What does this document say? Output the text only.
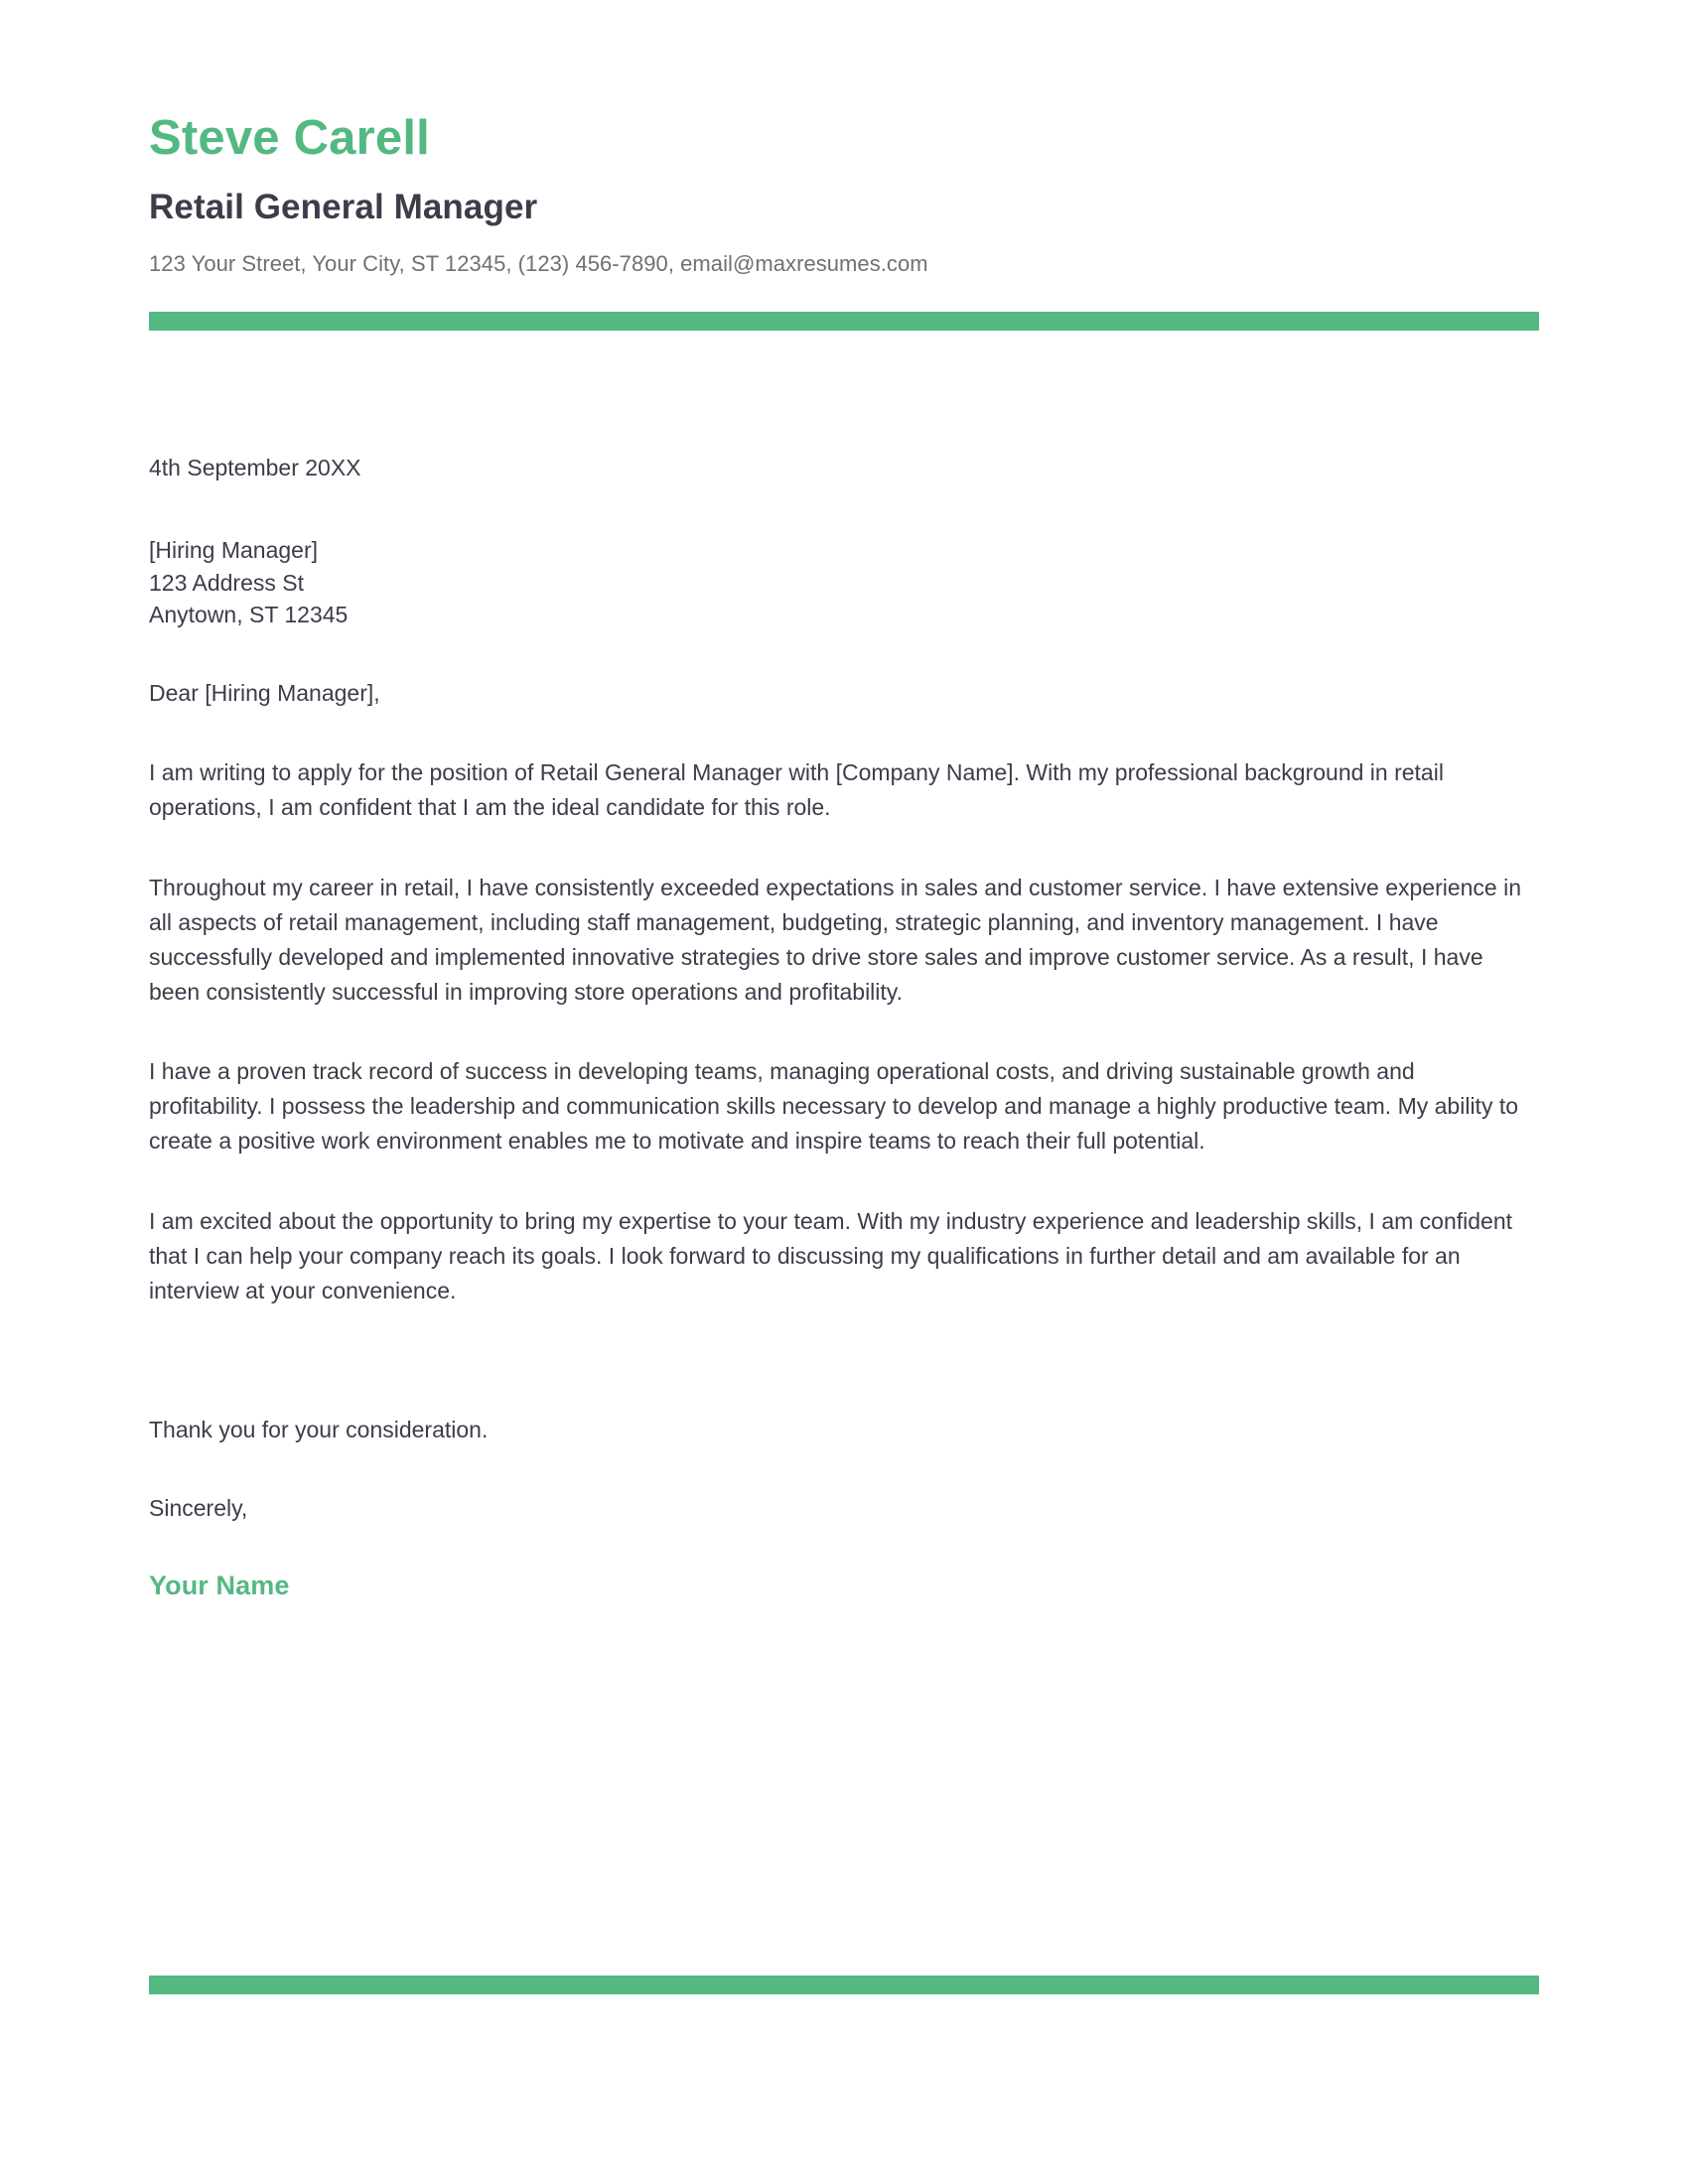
Steve Carell
Retail General Manager
123 Your Street, Your City, ST 12345, (123) 456-7890, email@maxresumes.com
4th September 20XX
[Hiring Manager]
123 Address St
Anytown, ST 12345
Dear [Hiring Manager],

I am writing to apply for the position of Retail General Manager with [Company Name]. With my professional background in retail operations, I am confident that I am the ideal candidate for this role.

Throughout my career in retail, I have consistently exceeded expectations in sales and customer service. I have extensive experience in all aspects of retail management, including staff management, budgeting, strategic planning, and inventory management. I have successfully developed and implemented innovative strategies to drive store sales and improve customer service. As a result, I have been consistently successful in improving store operations and profitability.

I have a proven track record of success in developing teams, managing operational costs, and driving sustainable growth and profitability. I possess the leadership and communication skills necessary to develop and manage a highly productive team. My ability to create a positive work environment enables me to motivate and inspire teams to reach their full potential.

I am excited about the opportunity to bring my expertise to your team. With my industry experience and leadership skills, I am confident that I can help your company reach its goals. I look forward to discussing my qualifications in further detail and am available for an interview at your convenience.

Thank you for your consideration.
Sincerely,
Your Name
